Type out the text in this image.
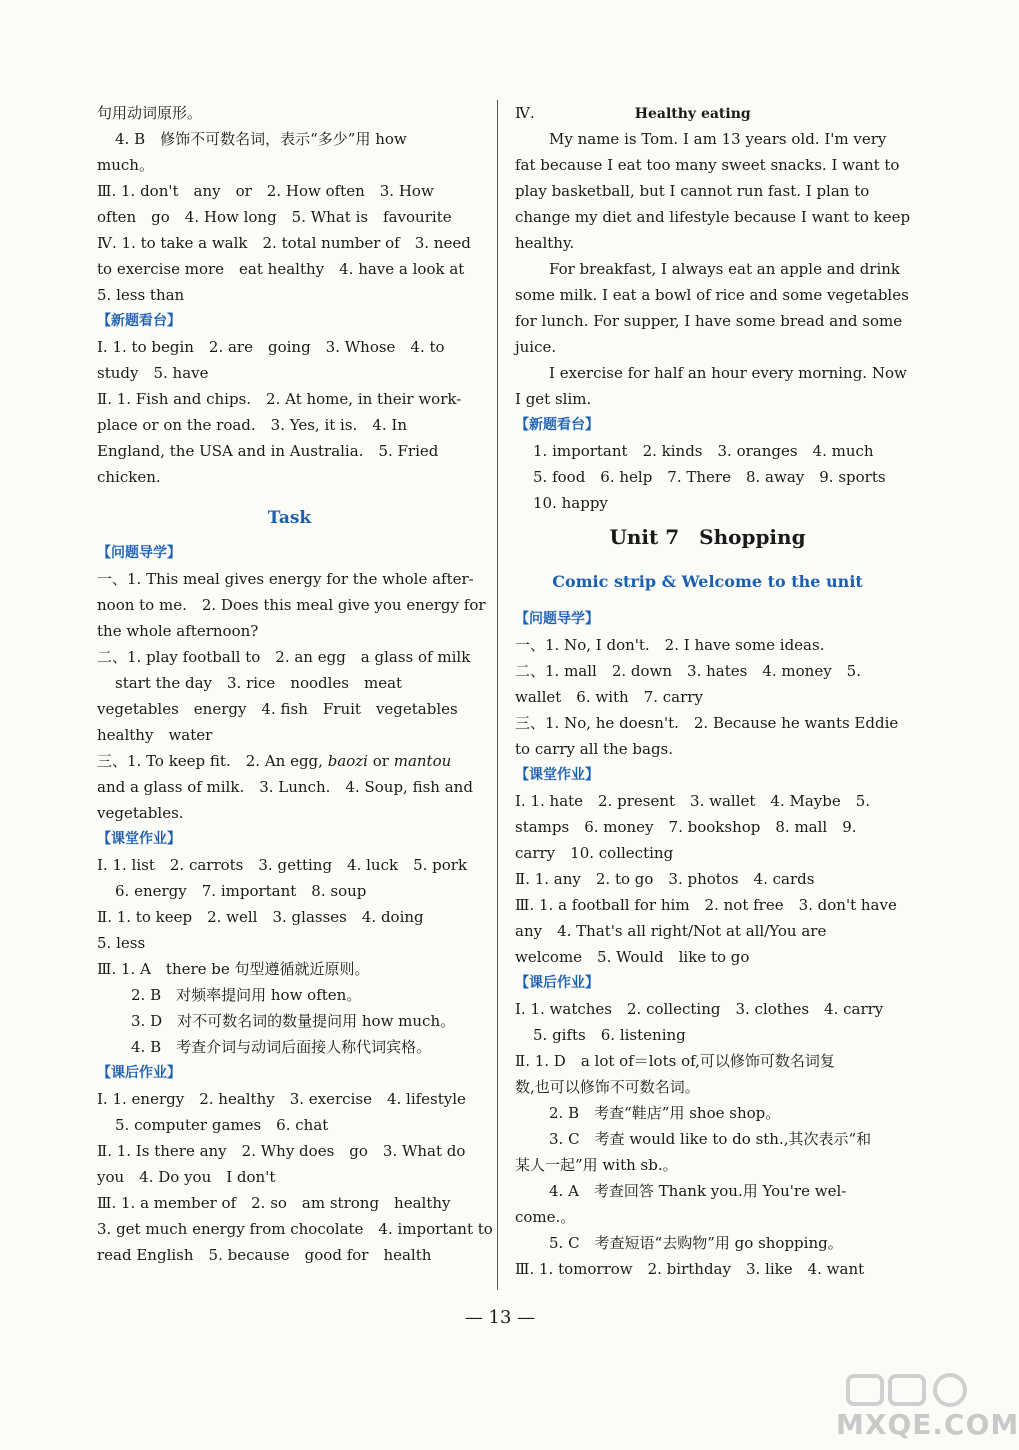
句用动词原形。
4. B　修饰不可数名词，表示“多少”用 how
much。
Ⅲ. 1. don't　any　or　2. How often　3. How
often　go　4. How long　5. What is　favourite
Ⅳ. 1. to take a walk　2. total number of　3. need
to exercise more　eat healthy　4. have a look at
5. less than
【新题看台】
Ⅰ. 1. to begin　2. are　going　3. Whose　4. to
study　5. have
Ⅱ. 1. Fish and chips.　2. At home, in their work-
place or on the road.　3. Yes, it is.　4. In
England, the USA and in Australia.　5. Fried
chicken.
Task
【问题导学】
一、1. This meal gives energy for the whole after-
noon to me.　2. Does this meal give you energy for
the whole afternoon?
二、1. play football to　2. an egg　a glass of milk
start the day　3. rice　noodles　meat
vegetables　energy　4. fish　Fruit　vegetables
healthy　water
三、1. To keep fit.　2. An egg, baozi or mantou
and a glass of milk.　3. Lunch.　4. Soup, fish and
vegetables.
【课堂作业】
Ⅰ. 1. list　2. carrots　3. getting　4. luck　5. pork
6. energy　7. important　8. soup
Ⅱ. 1. to keep　2. well　3. glasses　4. doing
5. less
Ⅲ. 1. A　there be 句型遵循就近原则。
2. B　对频率提问用 how often。
3. D　对不可数名词的数量提问用 how much。
4. B　考查介词与动词后面接人称代词宾格。
【课后作业】
Ⅰ. 1. energy　2. healthy　3. exercise　4. lifestyle
5. computer games　6. chat
Ⅱ. 1. Is there any　2. Why does　go　3. What do
you　4. Do you　I don't
Ⅲ. 1. a member of　2. so　am strong　healthy
3. get much energy from chocolate　4. important to
read English　5. because　good for　health
Ⅳ.	Healthy eating
My name is Tom. I am 13 years old. I'm very
fat because I eat too many sweet snacks. I want to
play basketball, but I cannot run fast. I plan to
change my diet and lifestyle because I want to keep
healthy.
For breakfast, I always eat an apple and drink
some milk. I eat a bowl of rice and some vegetables
for lunch. For supper, I have some bread and some
juice.
I exercise for half an hour every morning. Now
I get slim.
【新题看台】
1. important　2. kinds　3. oranges　4. much
5. food　6. help　7. There　8. away　9. sports
10. happy
Unit 7　Shopping
Comic strip & Welcome to the unit
【问题导学】
一、1. No, I don't.　2. I have some ideas.
二、1. mall　2. down　3. hates　4. money　5.
wallet　6. with　7. carry
三、1. No, he doesn't.　2. Because he wants Eddie
to carry all the bags.
【课堂作业】
Ⅰ. 1. hate　2. present　3. wallet　4. Maybe　5.
stamps　6. money　7. bookshop　8. mall　9.
carry　10. collecting
Ⅱ. 1. any　2. to go　3. photos　4. cards
Ⅲ. 1. a football for him　2. not free　3. don't have
any　4. That's all right/Not at all/You are
welcome　5. Would　like to go
【课后作业】
Ⅰ. 1. watches　2. collecting　3. clothes　4. carry
5. gifts　6. listening
Ⅱ. 1. D　a lot of＝lots of,可以修饰可数名词复
数,也可以修饰不可数名词。
2. B　考查“鞋店”用 shoe shop。
3. C　考查 would like to do sth.,其次表示“和
某人一起”用 with sb.。
4. A　考查回答 Thank you.用 You're wel-
come.。
5. C　考查短语“去购物”用 go shopping。
Ⅲ. 1. tomorrow　2. birthday　3. like　4. want
— 13 —
MXQE.COM
